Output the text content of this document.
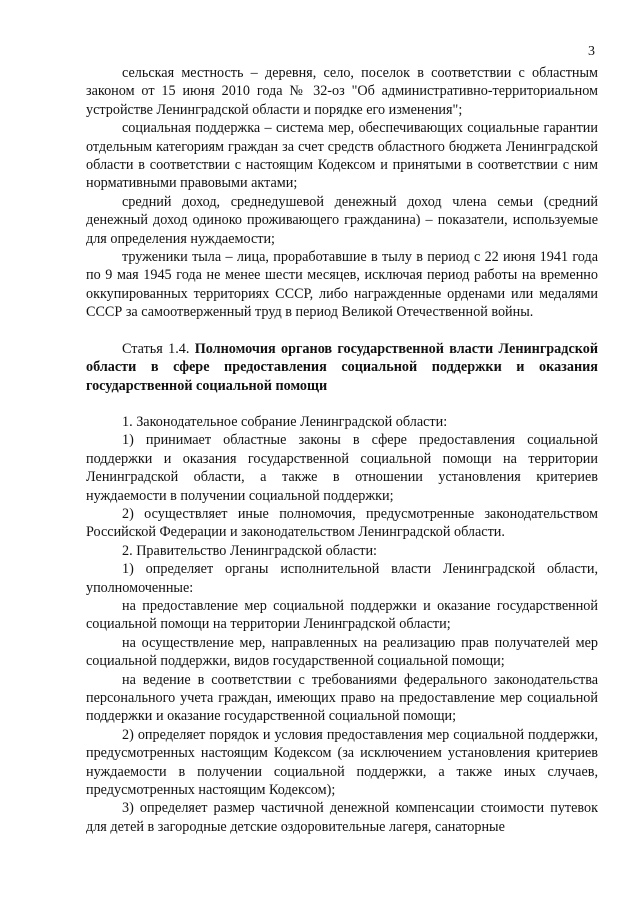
3

сельская местность – деревня, село, поселок в соответствии с областным законом от 15 июня 2010 года № 32-оз "Об административно-территориальном устройстве Ленинградской области и порядке его изменения";

социальная поддержка – система мер, обеспечивающих социальные гарантии отдельным категориям граждан за счет средств областного бюджета Ленинградской области в соответствии с настоящим Кодексом и принятыми в соответствии с ним нормативными правовыми актами;

средний доход, среднедушевой денежный доход члена семьи (средний денежный доход одиноко проживающего гражданина) – показатели, используемые для определения нуждаемости;

труженики тыла – лица, проработавшие в тылу в период с 22 июня 1941 года по 9 мая 1945 года не менее шести месяцев, исключая период работы на временно оккупированных территориях СССР, либо награжденные орденами или медалями СССР за самоотверженный труд в период Великой Отечественной войны.

Статья 1.4. Полномочия органов государственной власти Ленинградской области в сфере предоставления социальной поддержки и оказания государственной социальной помощи

1. Законодательное собрание Ленинградской области:

1) принимает областные законы в сфере предоставления социальной поддержки и оказания государственной социальной помощи на территории Ленинградской области, а также в отношении установления критериев нуждаемости в получении социальной поддержки;

2) осуществляет иные полномочия, предусмотренные законодательством Российской Федерации и законодательством Ленинградской области.

2. Правительство Ленинградской области:

1) определяет органы исполнительной власти Ленинградской области, уполномоченные:

на предоставление мер социальной поддержки и оказание государственной социальной помощи на территории Ленинградской области;

на осуществление мер, направленных на реализацию прав получателей мер социальной поддержки, видов государственной социальной помощи;

на ведение в соответствии с требованиями федерального законодательства персонального учета граждан, имеющих право на предоставление мер социальной поддержки и оказание государственной социальной помощи;

2) определяет порядок и условия предоставления мер социальной поддержки, предусмотренных настоящим Кодексом (за исключением установления критериев нуждаемости в получении социальной поддержки, а также иных случаев, предусмотренных настоящим Кодексом);

3) определяет размер частичной денежной компенсации стоимости путевок для детей в загородные детские оздоровительные лагеря, санаторные
